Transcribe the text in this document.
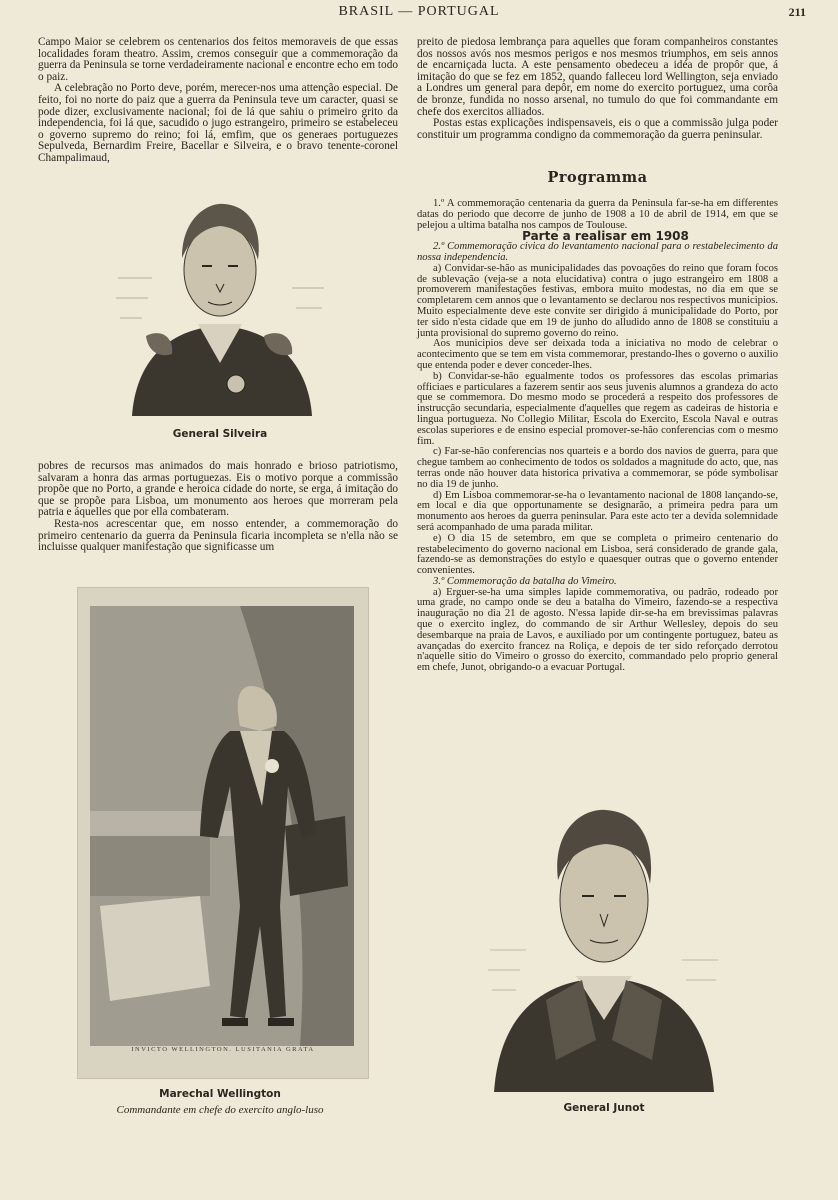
BRASIL — PORTUGAL	211

Campo Maior se celebrem os centenarios dos feitos memoraveis de que essas localidades foram theatro. Assim, cremos conseguir que a commemoração da guerra da Peninsula se torne verdadeiramente nacional e encontre echo em todo o paiz.

A celebração no Porto deve, porém, merecer-nos uma attenção especial. De feito, foi no norte do paiz que a guerra da Peninsula teve um caracter, quasi se pode dizer, exclusivamente nacional; foi de lá que sahiu o primeiro grito da independencia, foi lá que, sacudido o jugo estrangeiro, primeiro se estabeleceu o governo supremo do reino; foi lá, emfim, que os generaes portuguezes Sepulveda, Bernardim Freire, Bacellar e Silveira, e o bravo tenente-coronel Champalimaud,

General Silveira

pobres de recursos mas animados do mais honrado e brioso patriotismo, salvaram a honra das armas portuguezas. Eis o motivo porque a commissão propõe que no Porto, a grande e heroica cidade do norte, se erga, á imitação do que se propõe para Lisboa, um monumento aos heroes que morreram pela patria e áquelles que por ella combateram.

Resta-nos acrescentar que, em nosso entender, a commemoração do primeiro centenario da guerra da Peninsula ficaria incompleta se n'ella não se incluisse qualquer manifestação que significasse um

INVICTO WELLINGTON. LUSITANIA GRATA
Marechal Wellington
Commandante em chefe do exercito anglo-luso

preito de piedosa lembrança para aquelles que foram companheiros constantes dos nossos avós nos mesmos perigos e nos mesmos triumphos, em seis annos de encarniçada lucta. A este pensamento obedeceu a idéa de propôr que, á imitação do que se fez em 1852, quando falleceu lord Wellington, seja enviado a Londres um general para depôr, em nome do exercito portuguez, uma corôa de bronze, fundida no nosso arsenal, no tumulo do que foi commandante em chefe dos exercitos alliados.

Postas estas explicações indispensaveis, eis o que a commissão julga poder constituir um programma condigno da commemoração da guerra peninsular.

Programma

1.º A commemoração centenaria da guerra da Peninsula far-se-ha em differentes datas do periodo que decorre de junho de 1908 a 10 de abril de 1914, em que se pelejou a ultima batalha nos campos de Toulouse.

Parte a realisar em 1908

2.º Commemoração civica do levantamento nacional para o restabelecimento da nossa independencia.

a) Convidar-se-hão as municipalidades das povoações do reino que foram focos de sublevação (veja-se a nota elucidativa) contra o jugo estrangeiro em 1808 a promoverem manifestações festivas, embora muito modestas, no dia em que se completarem cem annos que o levantamento se declarou nos respectivos municipios. Muito especialmente deve este convite ser dirigido á municipalidade do Porto, por ter sido n'esta cidade que em 19 de junho do alludido anno de 1808 se constituiu a junta provisional do supremo governo do reino.

Aos municipios deve ser deixada toda a iniciativa no modo de celebrar o acontecimento que se tem em vista commemorar, prestando-lhes o governo o auxilio que entenda poder e dever conceder-lhes.

b) Convidar-se-hão egualmente todos os professores das escolas primarias officiaes e particulares a fazerem sentir aos seus juvenis alumnos a grandeza do acto que se commemora. Do mesmo modo se procederá a respeito dos professores de instrucção secundaria, especialmente d'aquelles que regem as cadeiras de historia e lingua portugueza. No Collegio Militar, Escola do Exercito, Escola Naval e outras escolas superiores e de ensino especial promover-se-hão conferencias com o mesmo fim.

c) Far-se-hão conferencias nos quarteis e a bordo dos navios de guerra, para que chegue tambem ao conhecimento de todos os soldados a magnitude do acto, que, nas terras onde não houver data historica privativa a commemorar, se póde symbolisar no dia 19 de junho.

d) Em Lisboa commemorar-se-ha o levantamento nacional de 1808 lançando-se, em local e dia que opportunamente se designarão, a primeira pedra para um monumento aos heroes da guerra peninsular. Para este acto ter a devida solemnidade será acompanhado de uma parada militar.

e) O dia 15 de setembro, em que se completa o primeiro centenario do restabelecimento do governo nacional em Lisboa, será considerado de grande gala, fazendo-se as demonstrações do estylo e quaesquer outras que o governo entender convenientes.

3.º Commemoração da batalha do Vimeiro.

a) Erguer-se-ha uma simples lapide commemorativa, ou padrão, rodeado por uma grade, no campo onde se deu a batalha do Vimeiro, fazendo-se a respectiva inauguração no dia 21 de agosto. N'essa lapide dir-se-ha em brevissimas palavras que o exercito inglez, do commando de sir Arthur Wellesley, depois do seu desembarque na praia de Lavos, e auxiliado por um contingente portuguez, bateu as avançadas do exercito francez na Roliça, e depois de ter sido reforçado derrotou n'aquelle sitio do Vimeiro o grosso do exercito, commandado pelo proprio general em chefe, Junot, obrigando-o a evacuar Portugal.

General Junot
